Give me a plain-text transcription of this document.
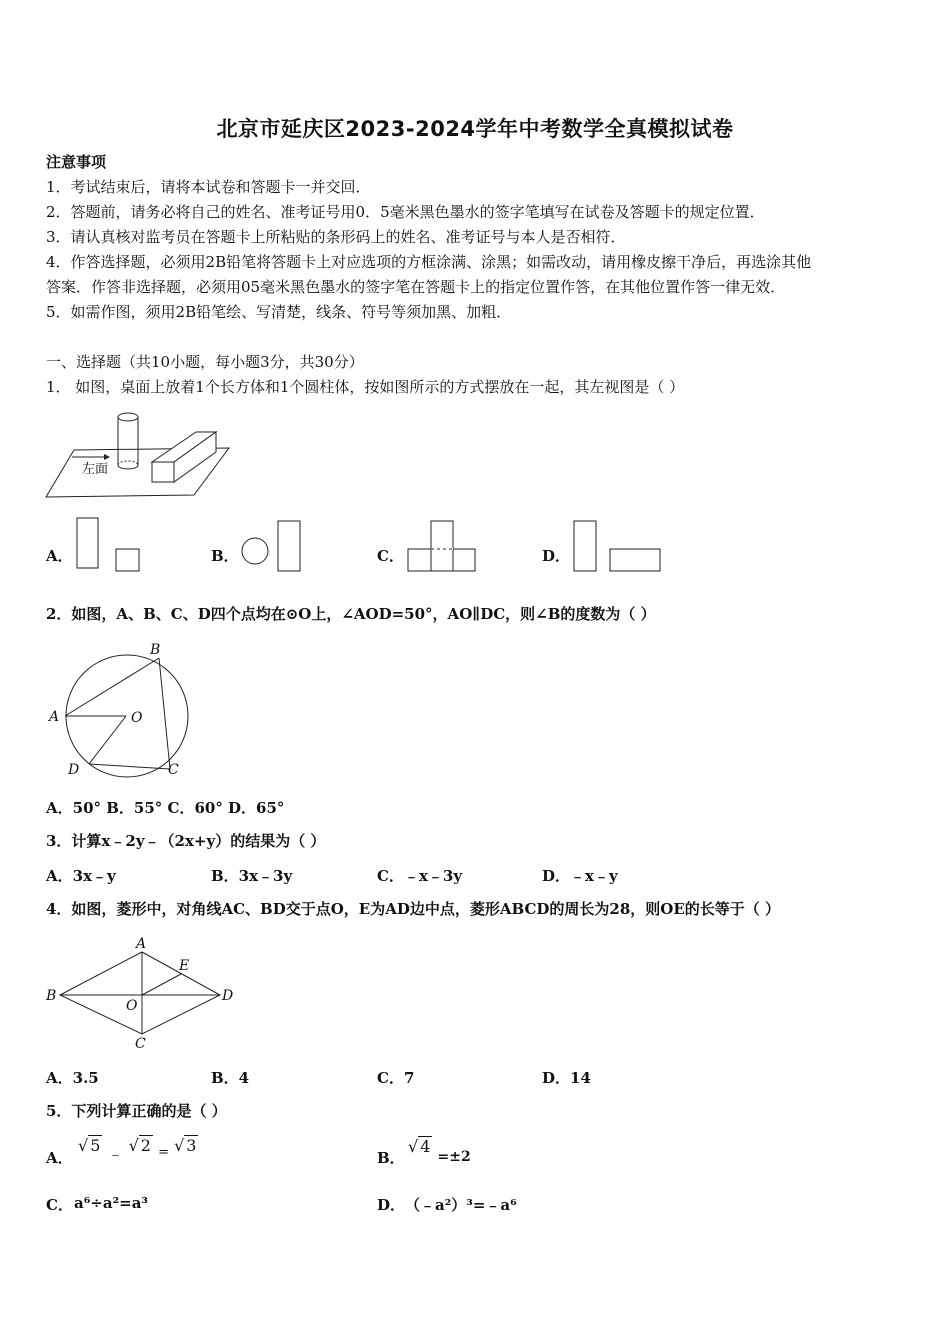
北京市延庆区2023-2024学年中考数学全真模拟试卷
注意事项
1．考试结束后，请将本试卷和答题卡一并交回．
2．答题前，请务必将自己的姓名、准考证号用0．5毫米黑色墨水的签字笔填写在试卷及答题卡的规定位置．
3．请认真核对监考员在答题卡上所粘贴的条形码上的姓名、准考证号与本人是否相符．
4．作答选择题，必须用2B铅笔将答题卡上对应选项的方框涂满、涂黑；如需改动，请用橡皮擦干净后，再选涂其他
答案．作答非选择题，必须用05毫米黑色墨水的签字笔在答题卡上的指定位置作答，在其他位置作答一律无效．
5．如需作图，须用2B铅笔绘、写清楚，线条、符号等须加黑、加粗．
一、选择题（共10小题，每小题3分，共30分）
1． 如图，桌面上放着1个长方体和1个圆柱体，按如图所示的方式摆放在一起，其左视图是（ ）
左面
A．	B．	C．	D．
2．如图，A、B、C、D四个点均在⊙O上，∠AOD=50°，AO∥DC，则∠B的度数为（ ）
B
A	O
D	C
A．50° B．55° C．60° D．65°
3．计算x﹣2y﹣（2x+y）的结果为（ ）
A．3x﹣y	B．3x﹣3y	C．﹣x﹣3y	D．﹣x﹣y
4．如图，菱形中，对角线AC、BD交于点O，E为AD边中点，菱形ABCD的周长为28，则OE的长等于（ ）
A
E
B	D
O
C
A．3.5	B．4	C．7	D．14
5．下列计算正确的是（ ）
A．
√ 5 ﹣ √ 2 $_=$ √ 3
B．
√ 4 =±2
C． a⁶÷a²=a³	D． （﹣a²）³=﹣a⁶
